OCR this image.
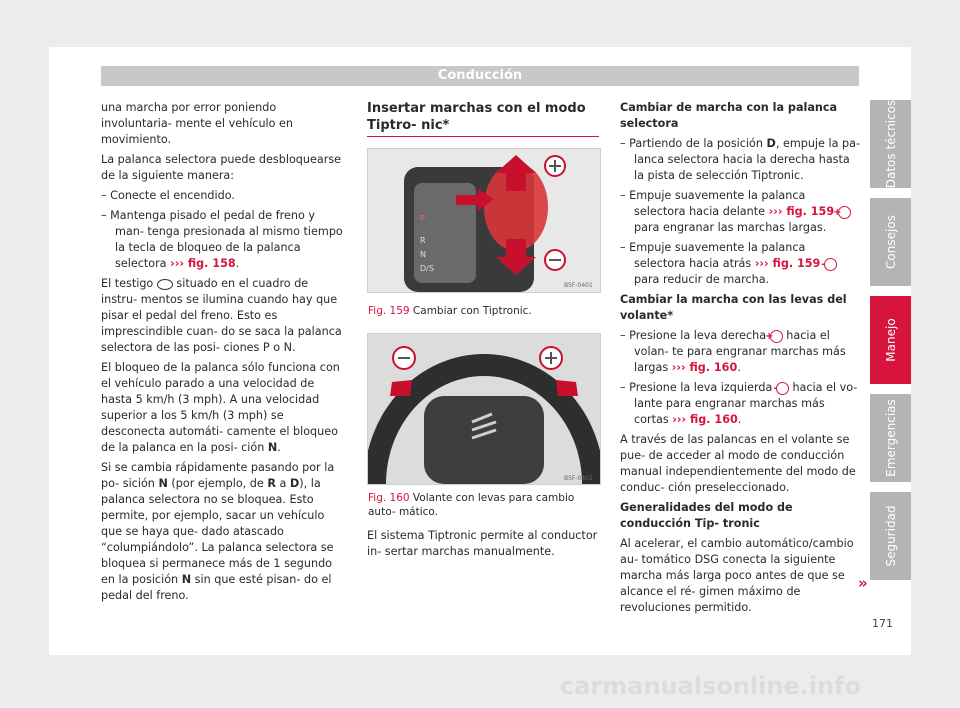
Conducción

una marcha por error poniendo involuntaria- mente el vehículo en movimiento.

La palanca selectora puede desbloquearse de la siguiente manera:

– Conecte el encendido.

– Mantenga pisado el pedal de freno y man- tenga presionada al mismo tiempo la tecla de bloqueo de la palanca selectora ››› fig. 158.

El testigo situado en el cuadro de instru- mentos se ilumina cuando hay que pisar el pedal del freno. Esto es imprescindible cuan- do se saca la palanca selectora de las posi- ciones P o N.

El bloqueo de la palanca sólo funciona con el vehículo parado a una velocidad de hasta 5 km/h (3 mph). A una velocidad superior a los 5 km/h (3 mph) se desconecta automáti- camente el bloqueo de la palanca en la posi- ción N.

Si se cambia rápidamente pasando por la po- sición N (por ejemplo, de R a D), la palanca selectora no se bloquea. Esto permite, por ejemplo, sacar un vehículo que se haya que- dado atascado “columpiándolo”. La palanca selectora se bloquea si permanece más de 1 segundo en la posición N sin que esté pisan- do el pedal del freno.

Insertar marchas con el modo Tiptro- nic*
P
R
N
D/S
B5F-0401
Fig. 159 Cambiar con Tiptronic.
B5F-0402
Fig. 160 Volante con levas para cambio auto- mático.

El sistema Tiptronic permite al conductor in- sertar marchas manualmente.

Cambiar de marcha con la palanca selectora

– Partiendo de la posición D, empuje la pa- lanca selectora hacia la derecha hasta la pista de selección Tiptronic.

– Empuje suavemente la palanca selectora hacia delante ››› fig. 159 + para engranar las marchas largas.

– Empuje suavemente la palanca selectora hacia atrás ››› fig. 159 - para reducir de marcha.

Cambiar la marcha con las levas del volante*

– Presione la leva derecha + hacia el volan- te para engranar marchas más largas ››› fig. 160.

– Presione la leva izquierda - hacia el vo- lante para engranar marchas más cortas ››› fig. 160.

A través de las palancas en el volante se pue- de acceder al modo de conducción manual independientemente del modo de conduc- ción preseleccionado.

Generalidades del modo de conducción Tip- tronic

Al acelerar, el cambio automático/cambio au- tomático DSG conecta la siguiente marcha más larga poco antes de que se alcance el ré- gimen máximo de revoluciones permitido.

»
Datos técnicos
Consejos
Manejo
Emergencias
Seguridad
171
carmanualsonline.info
